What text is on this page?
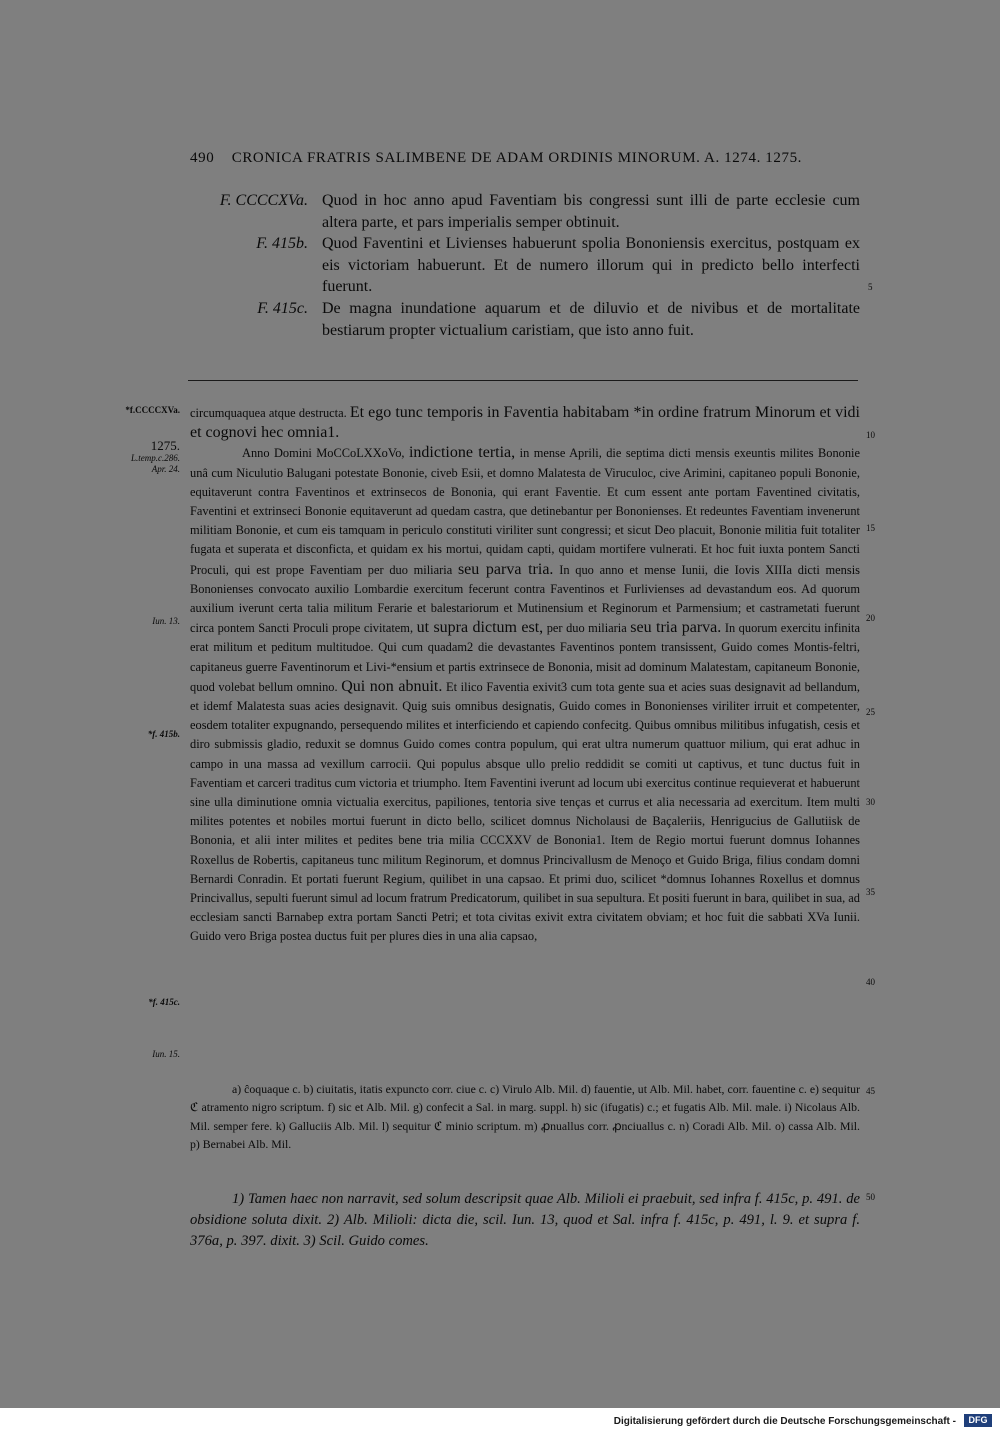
490 CRONICA FRATRIS SALIMBENE DE ADAM ORDINIS MINORUM. A. 1274. 1275.
F. CCCCXVa. Quod in hoc anno apud Faventiam bis congressi sunt illi de parte ecclesie cum altera parte, et pars imperialis semper obtinuit.
F. 415b. Quod Faventini et Livienses habuerunt spolia Bononiensis exercitus, postquam ex eis victoriam habuerunt. Et de numero illorum qui in predicto bello interfecti fuerunt.
F. 415c. De magna inundatione aquarum et de diluvio et de nivibus et de mortalitate bestiarum propter victualium caristiam, que isto anno fuit.
5

circumquaquea atque destructa. Et ego tunc temporis in Faventia habitabam *in ordine fratrum Minorum et vidi et cognovi hec omnia1.

Anno Domini MoCCoLXXoVo, indictione tertia, in mense Aprili, die septima dicti mensis exeuntis milites Bononie unâ cum Niculutio Balugani potestate Bononie, civeb Esii, et domno Malatesta de Viruculoc, cive Arimini, capitaneo populi Bononie, equitaverunt contra Faventinos et extrinsecos de Bononia, qui erant Faventie. Et cum essent ante portam Faventined civitatis, Faventini et extrinseci Bononie equitaverunt ad quedam castra, que detinebantur per Bononienses. Et redeuntes Faventiam invenerunt militiam Bononie, et cum eis tamquam in periculo constituti viriliter sunt congressi; et sicut Deo placuit, Bononie militia fuit totaliter fugata et superata et disconficta, et quidam ex his mortui, quidam capti, quidam mortifere vulnerati. Et hoc fuit iuxta pontem Sancti Proculi, qui est prope Faventiam per duo miliaria seu parva tria. In quo anno et mense Iunii, die Iovis XIIIa dicti mensis Bononienses convocato auxilio Lombardie exercitum fecerunt contra Faventinos et Furlivienses ad devastandum eos. Ad quorum auxilium iverunt certa talia militum Ferarie et balestariorum et Mutinensium et Reginorum et Parmensium; et castrametati fuerunt circa pontem Sancti Proculi prope civitatem, ut supra dictum est, per duo miliaria seu tria parva. In quorum exercitu infinita erat militum et peditum multitudoe. Qui cum quadam2 die devastantes Faventinos pontem transissent, Guido comes Montis-feltri, capitaneus guerre Faventinorum et Livi-*ensium et partis extrinsece de Bononia, misit ad dominum Malatestam, capitaneum Bononie, quod volebat bellum omnino. Qui non abnuit. Et ilico Faventia exivit3 cum tota gente sua et acies suas designavit ad bellandum, et idemf Malatesta suas acies designavit. Quig suis omnibus designatis, Guido comes in Bononienses viriliter irruit et competenter, eosdem totaliter expugnando, persequendo milites et interficiendo et capiendo confecitg. Quibus omnibus militibus infugatish, cesis et diro submissis gladio, reduxit se domnus Guido comes contra populum, qui erat ultra numerum quattuor milium, qui erat adhuc in campo in una massa ad vexillum carrocii. Qui populus absque ullo prelio reddidit se comiti ut captivus, et tunc ductus fuit in Faventiam et carceri traditus cum victoria et triumpho. Item Faventini iverunt ad locum ubi exercitus continue requieverat et habuerunt sine ulla diminutione omnia victualia exercitus, papiliones, tentoria sive tenças et currus et alia necessaria ad exercitum. Item multi milites potentes et nobiles mortui fuerunt in dicto bello, scilicet domnus Nicholausi de Baçaleriis, Henrigucius de Gallutiisk de Bononia, et alii inter milites et pedites bene tria milia CCCXXV de Bononia1. Item de Regio mortui fuerunt domnus Iohannes Roxellus de Robertis, capitaneus tunc militum Reginorum, et domnus Princivallusm de Menoço et Guido Briga, filius condam domni Bernardi Conradin. Et portati fuerunt Regium, quilibet in una capsao. Et primi duo, scilicet *domnus Iohannes Roxellus et domnus Princivallus, sepulti fuerunt simul ad locum fratrum Predicatorum, quilibet in sua sepultura. Et positi fuerunt in bara, quilibet in sua, ad ecclesiam sancti Barnabep extra portam Sancti Petri; et tota civitas exivit extra civitatem obviam; et hoc fuit die sabbati XVa Iunii. Guido vero Briga postea ductus fuit per plures dies in una alia capsao,

*f.CCCCXVa.
1275.
L.temp.c.286.
Apr. 24.
Iun. 13.
*f. 415b.
*f. 415c.
Iun. 15.
10
15
20
25
30
35
40
45
50
a) ĉoquaque c. b) ciuitatis, itatis expuncto corr. ciue c. c) Virulo Alb. Mil. d) fauentie, ut Alb. Mil. habet, corr. fauentine c. e) sequitur ℭ atramento nigro scriptum. f) sic et Alb. Mil. g) confecit a Sal. in marg. suppl. h) sic (ifugatis) c.; et fugatis Alb. Mil. male. i) Nicolaus Alb. Mil. semper fere. k) Galluciis Alb. Mil. l) sequitur ℭ minio scriptum. m) ꝓnuallus corr. ꝓnciuallus c. n) Coradi Alb. Mil. o) cassa Alb. Mil. p) Bernabei Alb. Mil.
1) Tamen haec non narravit, sed solum descripsit quae Alb. Milioli ei praebuit, sed infra f. 415c, p. 491. de obsidione soluta dixit. 2) Alb. Milioli: dicta die, scil. Iun. 13, quod et Sal. infra f. 415c, p. 491, l. 9. et supra f. 376a, p. 397. dixit. 3) Scil. Guido comes.
Digitalisierung gefördert durch die Deutsche Forschungsgemeinschaft -	DFG
